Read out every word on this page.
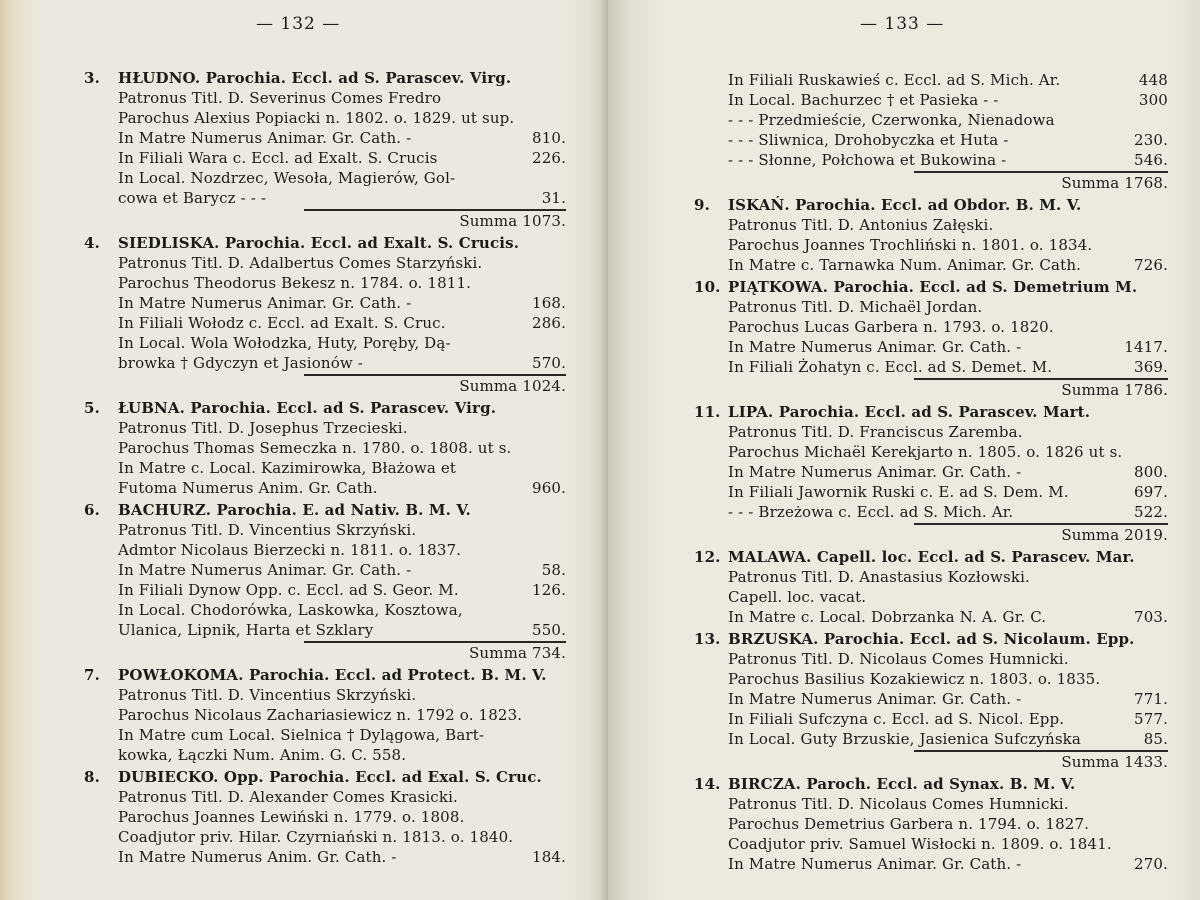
— 132 —
3. HŁUDNO. Parochia. Eccl. ad S. Parascev. Virg.
Patronus Titl. D. Severinus Comes Fredro
Parochus Alexius Popiacki n. 1802. o. 1829. ut sup.
In Matre Numerus Animar. Gr. Cath. -	810.
In Filiali Wara c. Eccl. ad Exalt. S. Crucis	226.
In Local. Nozdrzec, Wesoła, Magierów, Gol-
cowa et Barycz - - -	31.
Summa 1073.
4. SIEDLISKA. Parochia. Eccl. ad Exalt. S. Crucis.
Patronus Titl. D. Adalbertus Comes Starzyński.
Parochus Theodorus Bekesz n. 1784. o. 1811.
In Matre Numerus Animar. Gr. Cath. -	168.
In Filiali Wołodz c. Eccl. ad Exalt. S. Cruc.	286.
In Local. Wola Wołodzka, Huty, Poręby, Dą-
browka † Gdyczyn et Jasionów -	570.
Summa 1024.
5. ŁUBNA. Parochia. Eccl. ad S. Parascev. Virg.
Patronus Titl. D. Josephus Trzecieski.
Parochus Thomas Semeczka n. 1780. o. 1808. ut s.
In Matre c. Local. Kazimirowka, Błażowa et
Futoma Numerus Anim. Gr. Cath.	960.
6. BACHURZ. Parochia. E. ad Nativ. B. M. V.
Patronus Titl. D. Vincentius Skrzyński.
Admtor Nicolaus Bierzecki n. 1811. o. 1837.
In Matre Numerus Animar. Gr. Cath. -	58.
In Filiali Dynow Opp. c. Eccl. ad S. Geor. M.	126.
In Local. Chodorówka, Laskowka, Kosztowa,
Ulanica, Lipnik, Harta et Szklary	550.
Summa 734.
7. POWŁOKOMA. Parochia. Eccl. ad Protect. B. M. V.
Patronus Titl. D. Vincentius Skrzyński.
Parochus Nicolaus Zachariasiewicz n. 1792 o. 1823.
In Matre cum Local. Sielnica † Dylągowa, Bart-
kowka, Łączki Num. Anim. G. C. 558.
8. DUBIECKO. Opp. Parochia. Eccl. ad Exal. S. Cruc.
Patronus Titl. D. Alexander Comes Krasicki.
Parochus Joannes Lewiński n. 1779. o. 1808.
Coadjutor priv. Hilar. Czyrniański n. 1813. o. 1840.
In Matre Numerus Anim. Gr. Cath. -	184.
— 133 —
In Filiali Ruskawieś c. Eccl. ad S. Mich. Ar.	448
In Local. Bachurzec † et Pasieka - -	300
- - - Przedmieście, Czerwonka, Nienadowa
- - - Sliwnica, Drohobyczka et Huta -	230.
- - - Słonne, Połchowa et Bukowina -	546.
Summa 1768.
9. ISKAŃ. Parochia. Eccl. ad Obdor. B. M. V.
Patronus Titl. D. Antonius Załęski.
Parochus Joannes Trochliński n. 1801. o. 1834.
In Matre c. Tarnawka Num. Animar. Gr. Cath.	726.
10. PIĄTKOWA. Parochia. Eccl. ad S. Demetrium M.
Patronus Titl. D. Michaël Jordan.
Parochus Lucas Garbera n. 1793. o. 1820.
In Matre Numerus Animar. Gr. Cath. -	1417.
In Filiali Żohatyn c. Eccl. ad S. Demet. M.	369.
Summa 1786.
11. LIPA. Parochia. Eccl. ad S. Parascev. Mart.
Patronus Titl. D. Franciscus Zaremba.
Parochus Michaël Kerekjarto n. 1805. o. 1826 ut s.
In Matre Numerus Animar. Gr. Cath. -	800.
In Filiali Jawornik Ruski c. E. ad S. Dem. M.	697.
- - - Brzeżowa c. Eccl. ad S. Mich. Ar.	522.
Summa 2019.
12. MALAWA. Capell. loc. Eccl. ad S. Parascev. Mar.
Patronus Titl. D. Anastasius Kozłowski.
Capell. loc. vacat.
In Matre c. Local. Dobrzanka N. A. Gr. C.	703.
13. BRZUSKA. Parochia. Eccl. ad S. Nicolaum. Epp.
Patronus Titl. D. Nicolaus Comes Humnicki.
Parochus Basilius Kozakiewicz n. 1803. o. 1835.
In Matre Numerus Animar. Gr. Cath. -	771.
In Filiali Sufczyna c. Eccl. ad S. Nicol. Epp.	577.
In Local. Guty Brzuskie, Jasienica Sufczyńska	85.
Summa 1433.
14. BIRCZA. Paroch. Eccl. ad Synax. B. M. V.
Patronus Titl. D. Nicolaus Comes Humnicki.
Parochus Demetrius Garbera n. 1794. o. 1827.
Coadjutor priv. Samuel Wisłocki n. 1809. o. 1841.
In Matre Numerus Animar. Gr. Cath. -	270.
